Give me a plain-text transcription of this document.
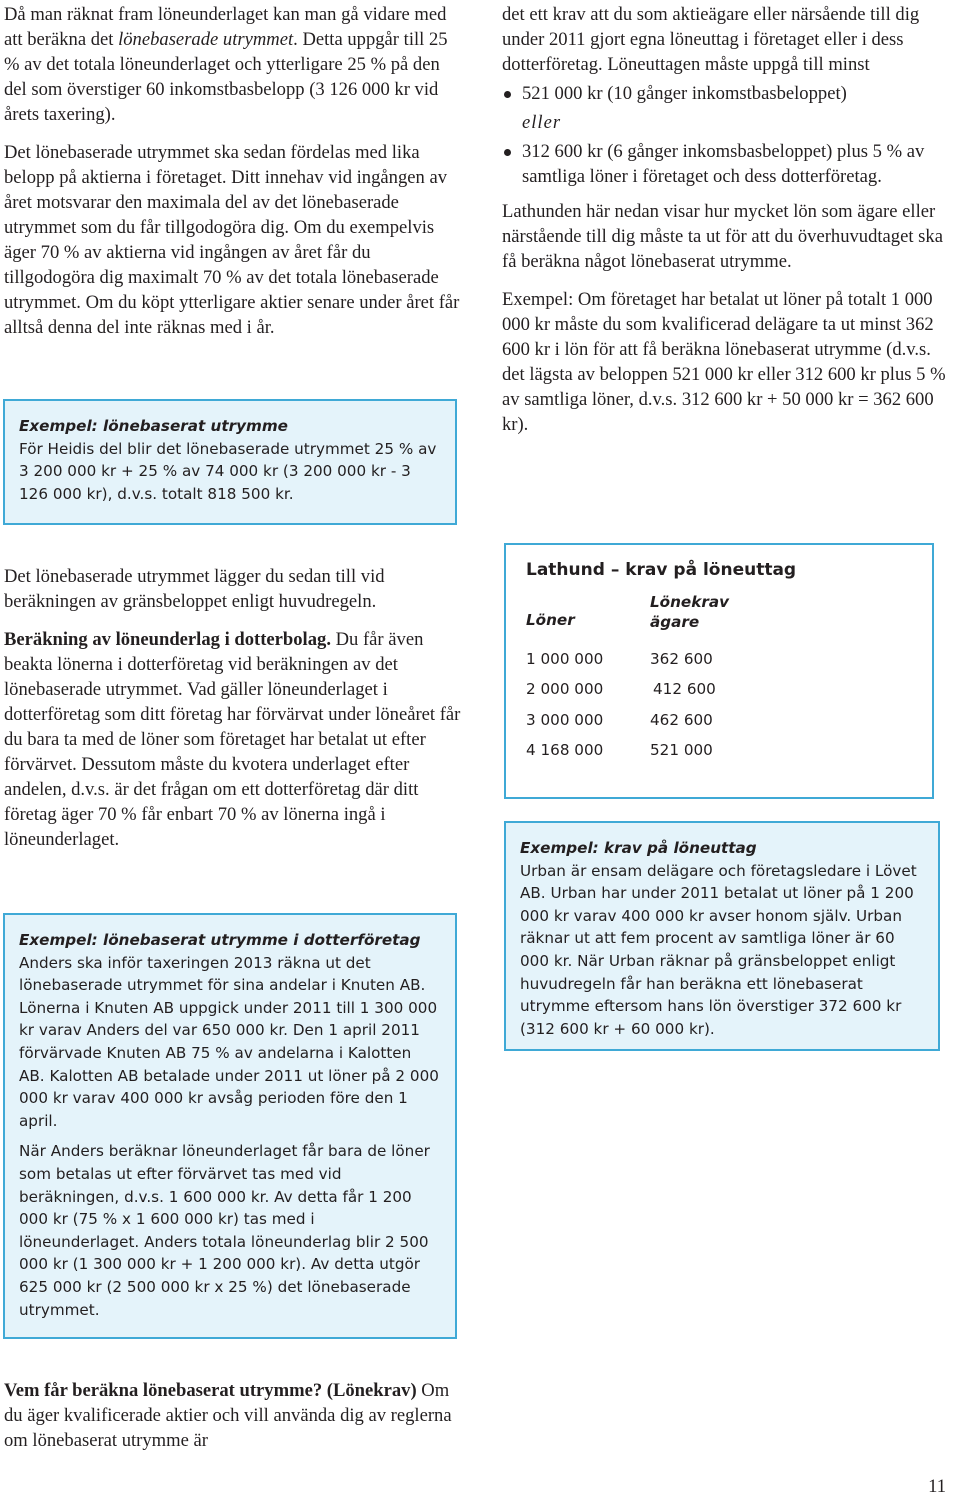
Då man räknat fram löneunderlaget kan man gå vidare med att beräkna det lönebaserade utrymmet. Detta uppgår till 25 % av det totala löneunderlaget och ytterligare 25 % på den del som överstiger 60 inkomstbasbelopp (3 126 000 kr vid årets taxering).

Det lönebaserade utrymmet ska sedan fördelas med lika belopp på aktierna i företaget. Ditt innehav vid ingången av året motsvarar den maximala del av det lönebaserade utrymmet som du får tillgodogöra dig. Om du exempelvis äger 70 % av aktierna vid ingången av året får du tillgodogöra dig maximalt 70 % av det totala lönebaserade utrymmet. Om du köpt ytterligare aktier senare under året får alltså denna del inte räknas med i år.

Exempel: lönebaserat utrymme

För Heidis del blir det lönebaserade utrymmet 25 % av 3 200 000 kr + 25 % av 74 000 kr (3 200 000 kr - 3 126 000 kr), d.v.s. totalt 818 500 kr.

det ett krav att du som aktieägare eller närsående till dig under 2011 gjort egna löneuttag i företaget eller i dess dotterföretag. Löneuttagen måste uppgå till minst

521 000 kr (10 gånger inkomstbasbeloppet)
eller
312 600 kr (6 gånger inkomsbasbeloppet) plus 5 % av samtliga löner i företaget och dess dotterföretag.

Lathunden här nedan visar hur mycket lön som ägare eller närstående till dig måste ta ut för att du överhuvudtaget ska få beräkna något lönebaserat utrymme.

Exempel: Om företaget har betalat ut löner på totalt 1 000 000 kr måste du som kvalificerad delägare ta ut minst 362 600 kr i lön för att få beräkna lönebaserat utrymme (d.v.s. det lägsta av beloppen 521 000 kr eller 312 600 kr plus 5 % av samtliga löner, d.v.s. 312 600 kr + 50 000 kr = 362 600 kr).

Det lönebaserade utrymmet lägger du sedan till vid beräkningen av gränsbeloppet enligt huvudregeln.

Beräkning av löneunderlag i dotterbolag. Du får även beakta lönerna i dotterföretag vid beräkningen av det lönebaserade utrymmet. Vad gäller löneunderlaget i dotterföretag som ditt företag har förvärvat under löneåret får du bara ta med de löner som företaget har betalat ut efter förvärvet. Dessutom måste du kvotera underlaget efter andelen, d.v.s. är det frågan om ett dotterföretag där ditt företag äger 70 % får enbart 70 % av lönerna ingå i löneunderlaget.

Lathund – krav på löneuttag
Löner
Lönekrav
ägare
1 000 000	362 600
2 000 000	412 600
3 000 000	462 600
4 168 000	521 000
Exempel: krav på löneuttag

Urban är ensam delägare och företagsledare i Lövet AB. Urban har under 2011 betalat ut löner på 1 200 000 kr varav 400 000 kr avser honom själv. Urban räknar ut att fem procent av samtliga löner är 60 000 kr. När Urban räknar på gränsbeloppet enligt huvudregeln får han beräkna ett lönebaserat utrymme eftersom hans lön överstiger 372 600 kr (312 600 kr + 60 000 kr).

Exempel: lönebaserat utrymme i dotterföretag

Anders ska inför taxeringen 2013 räkna ut det lönebaserade utrymmet för sina andelar i Knuten AB. Lönerna i Knuten AB uppgick under 2011 till 1 300 000 kr varav Anders del var 650 000 kr. Den 1 april 2011 förvärvade Knuten AB 75 % av andelarna i Kalotten AB. Kalotten AB betalade under 2011 ut löner på 2 000 000 kr varav 400 000 kr avsåg perioden före den 1 april.

När Anders beräknar löneunderlaget får bara de löner som betalas ut efter förvärvet tas med vid beräkningen, d.v.s. 1 600 000 kr. Av detta får 1 200 000 kr (75 % x 1 600 000 kr) tas med i löneunderlaget. Anders totala löneunderlag blir 2 500 000 kr (1 300 000 kr + 1 200 000 kr). Av detta utgör 625 000 kr (2 500 000 kr x 25 %) det lönebaserade utrymmet.

Vem får beräkna lönebaserat utrymme? (Lönekrav) Om du äger kvalificerade aktier och vill använda dig av reglerna om lönebaserat utrymme är

11
